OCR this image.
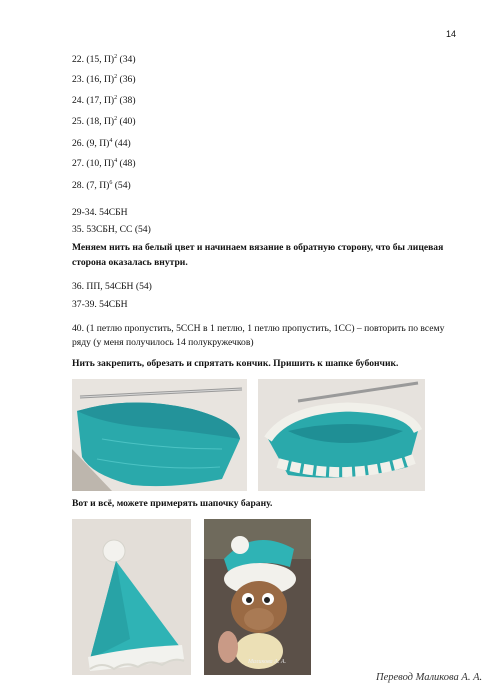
14
22. (15, П)$^2$ (34)
23. (16, П)$^2$ (36)
24. (17, П)$^2$ (38)
25. (18, П)$^2$ (40)
26. (9, П)$^4$ (44)
27. (10, П)$^4$ (48)
28. (7, П)$^6$ (54)
29-34. 54СБН
35. 53СБН, СС (54)
Меняем нить на белый цвет и начинаем вязание в обратную сторону, что бы лицевая
сторона оказалась внутри.
36. ПП, 54СБН (54)
37-39. 54СБН
40. (1 петлю пропустить, 5ССН в 1 петлю, 1 петлю пропустить, 1СС) – повторить по всему
ряду (у меня получилось 14 полукружечков)
Нить закрепить, обрезать и спрятать кончик. Пришить к шапке бубончик.
Вот и всё, можете примерять шапочку барану.
Маликова А. А.
Перевод Маликова А. А.
